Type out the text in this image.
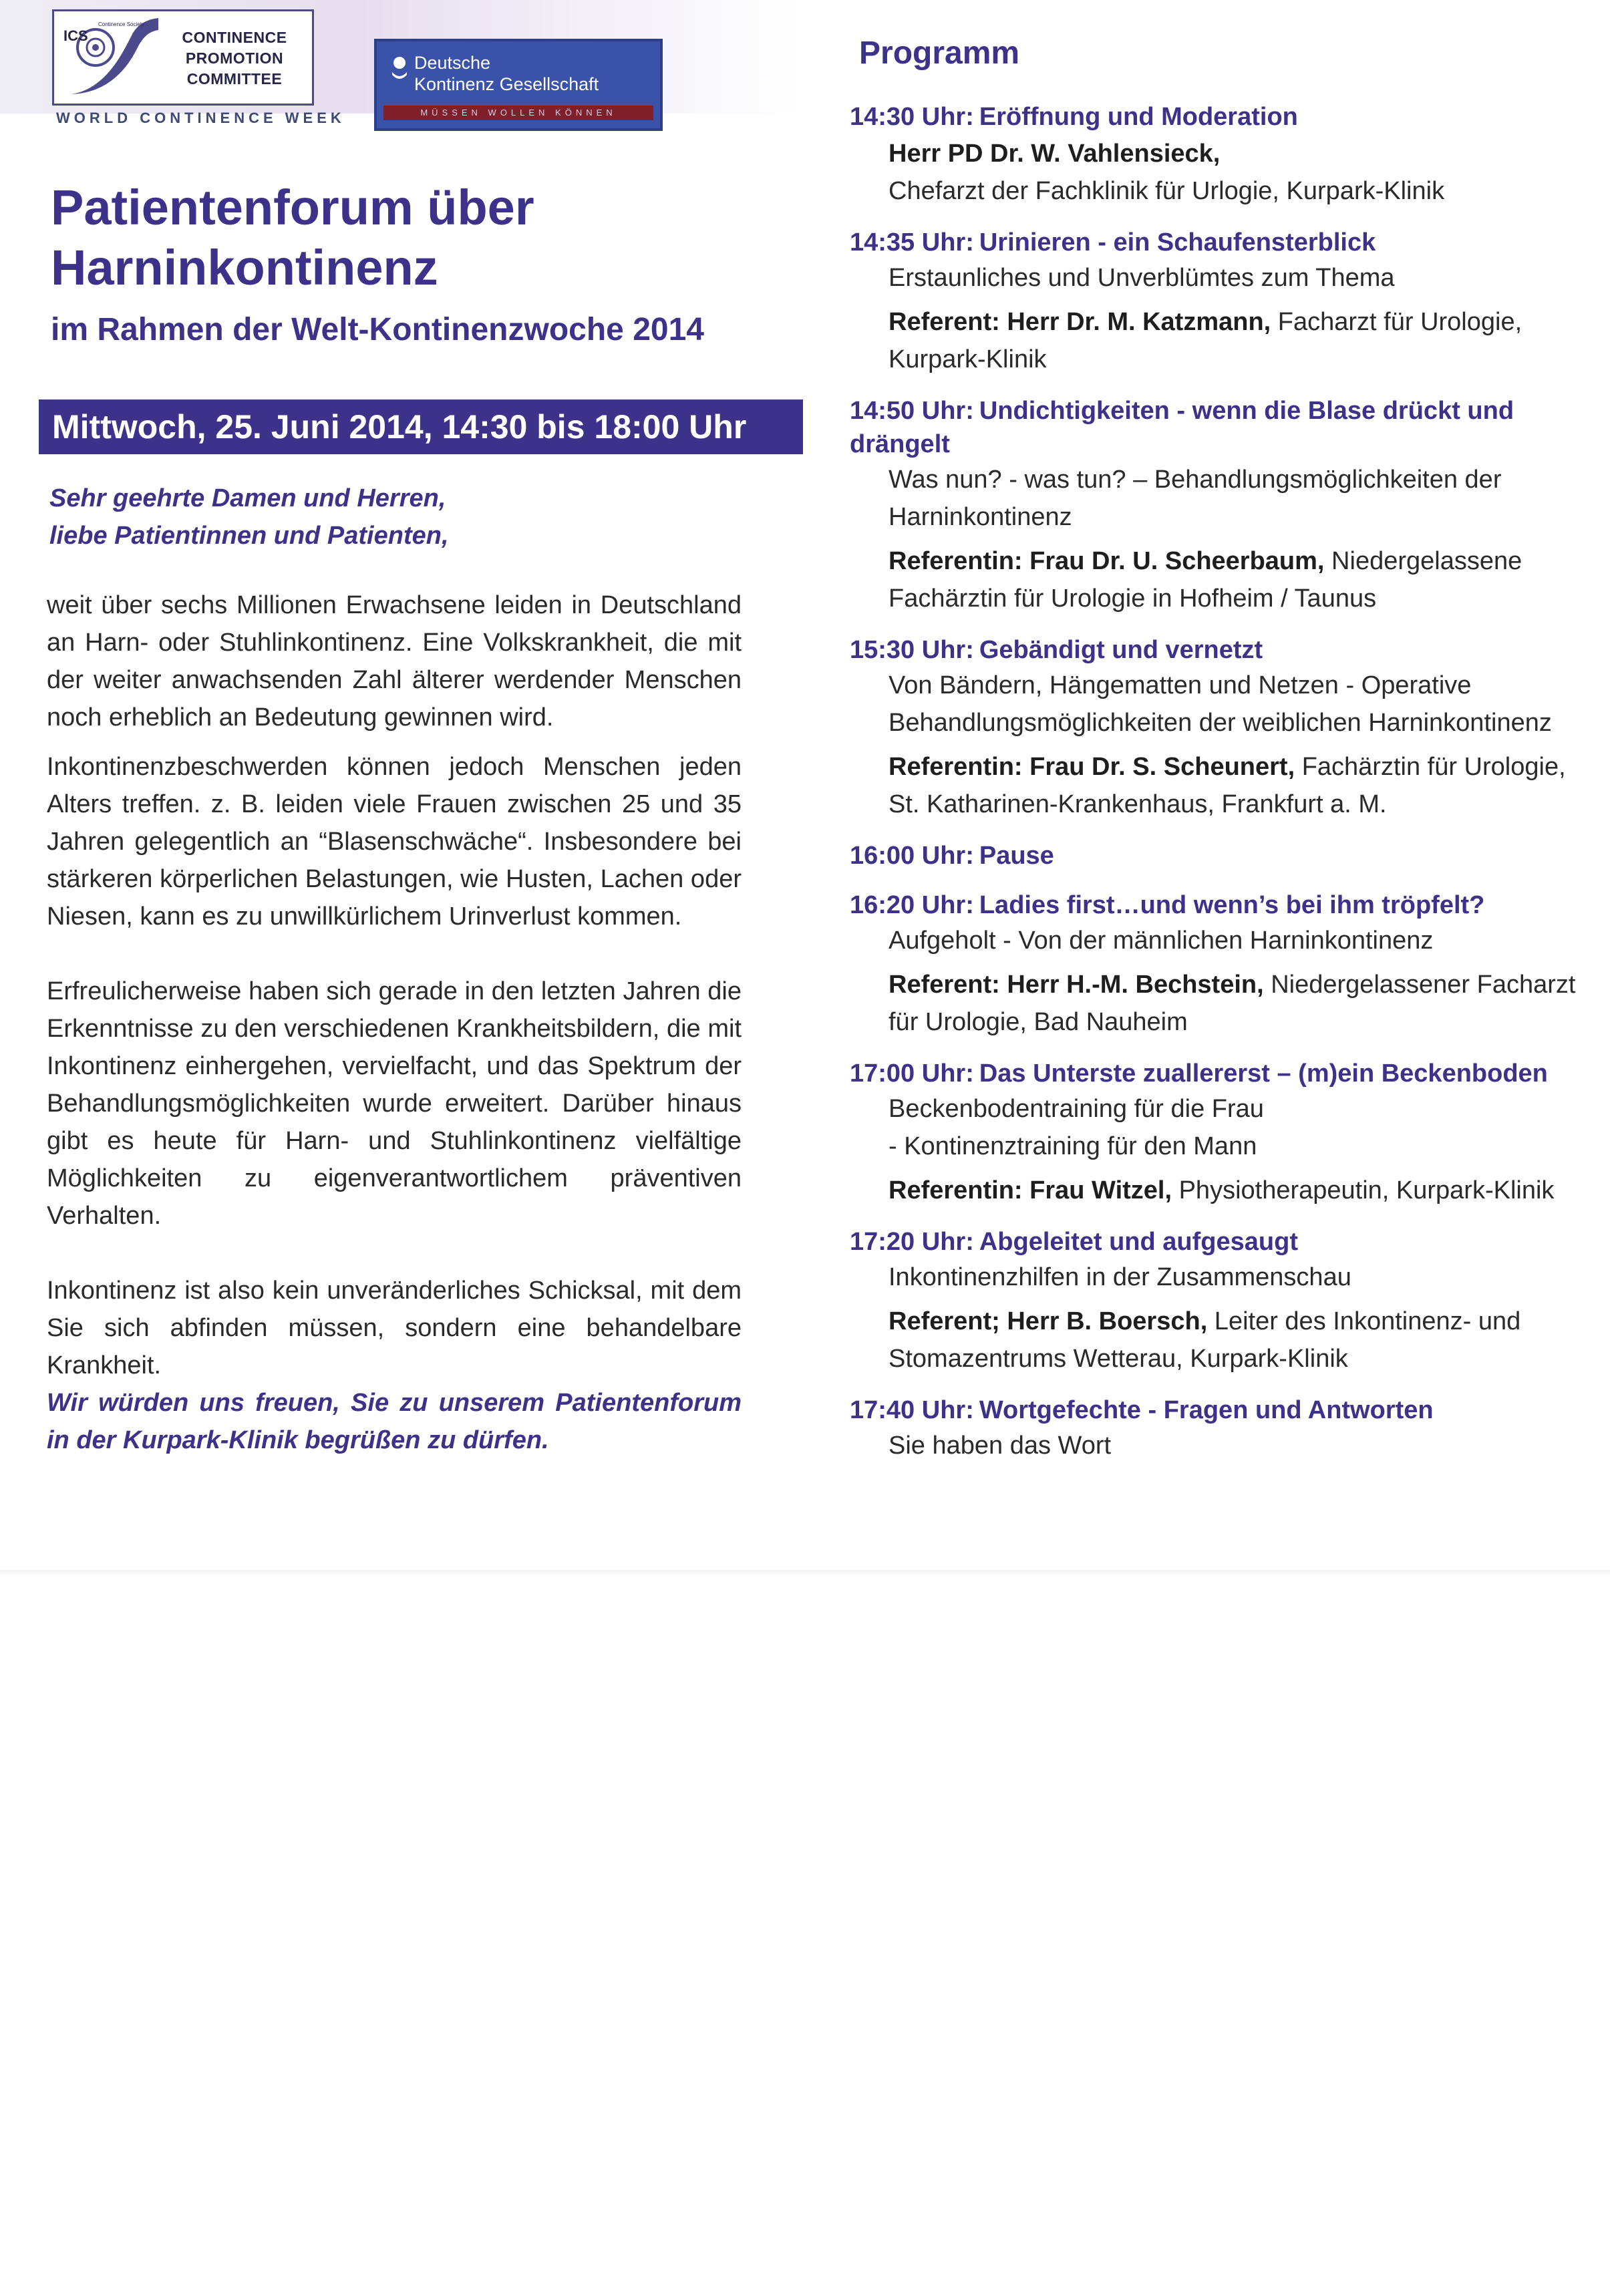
ICS
Continence Society
CONTINENCE
PROMOTION
COMMITTEE
WORLD CONTINENCE WEEK
Deutsche
Kontinenz Gesellschaft
MÜSSEN WOLLEN KÖNNEN
Patientenforum über
Harninkontinenz
im Rahmen der Welt-Kontinenzwoche 2014
Mittwoch, 25. Juni 2014, 14:30 bis 18:00 Uhr

Sehr geehrte Damen und Herren,
liebe Patientinnen und Patienten,

weit über sechs Millionen Erwachsene leiden in Deutschland an Harn- oder Stuhlinkontinenz. Eine Volkskrankheit, die mit der weiter anwachsenden Zahl älterer werdender Menschen noch erheblich an Bedeutung gewinnen wird.

Inkontinenzbeschwerden können jedoch Menschen jeden Alters treffen. z. B. leiden viele Frauen zwischen 25 und 35 Jahren gelegentlich an “Blasenschwäche“. Insbesondere bei stärkeren körperlichen Belastungen, wie Husten, Lachen oder Niesen, kann es zu unwillkürlichem Urinverlust kommen.

Erfreulicherweise haben sich gerade in den letzten Jahren die Erkenntnisse zu den verschiedenen Krankheitsbildern, die mit Inkontinenz einhergehen, vervielfacht, und das Spektrum der Behandlungsmöglichkeiten wurde erweitert. Darüber hinaus gibt es heute für Harn- und Stuhlinkontinenz vielfältige Möglichkeiten zu eigenverantwortlichem präventiven Verhalten.

Inkontinenz ist also kein unveränderliches Schicksal, mit dem Sie sich abfinden müssen, sondern eine behandelbare Krankheit.

Wir würden uns freuen, Sie zu unserem Patientenforum in der Kurpark-Klinik begrüßen zu dürfen.

Programm

14:30 Uhr: Eröffnung und Moderation

Herr PD Dr. W. Vahlensieck,
Chefarzt der Fachklinik für Urlogie, Kurpark-Klinik

14:35 Uhr: Urinieren - ein Schaufensterblick

Erstaunliches und Unverblümtes zum Thema

Referent: Herr Dr. M. Katzmann, Facharzt für Urologie, Kurpark-Klinik

14:50 Uhr: Undichtigkeiten - wenn die Blase drückt und drängelt

Was nun? - was tun? – Behandlungsmöglichkeiten der Harninkontinenz

Referentin: Frau Dr. U. Scheerbaum, Niedergelassene Fachärztin für Urologie in Hofheim / Taunus

15:30 Uhr: Gebändigt und vernetzt

Von Bändern, Hängematten und Netzen - Operative Behandlungsmöglichkeiten der weiblichen Harninkontinenz

Referentin: Frau Dr. S. Scheunert, Fachärztin für Urologie, St. Katharinen-Krankenhaus, Frankfurt a. M.

16:00 Uhr: Pause

16:20 Uhr: Ladies first…und wenn’s bei ihm tröpfelt?

Aufgeholt - Von der männlichen Harninkontinenz

Referent: Herr H.-M. Bechstein, Niedergelassener Facharzt für Urologie, Bad Nauheim

17:00 Uhr: Das Unterste zuallererst – (m)ein Beckenboden

Beckenbodentraining für die Frau

- Kontinenztraining für den Mann

Referentin: Frau Witzel, Physiotherapeutin, Kurpark-Klinik

17:20 Uhr: Abgeleitet und aufgesaugt

Inkontinenzhilfen in der Zusammenschau

Referent; Herr B. Boersch, Leiter des Inkontinenz- und Stomazentrums Wetterau, Kurpark-Klinik

17:40 Uhr: Wortgefechte - Fragen und Antworten

Sie haben das Wort
